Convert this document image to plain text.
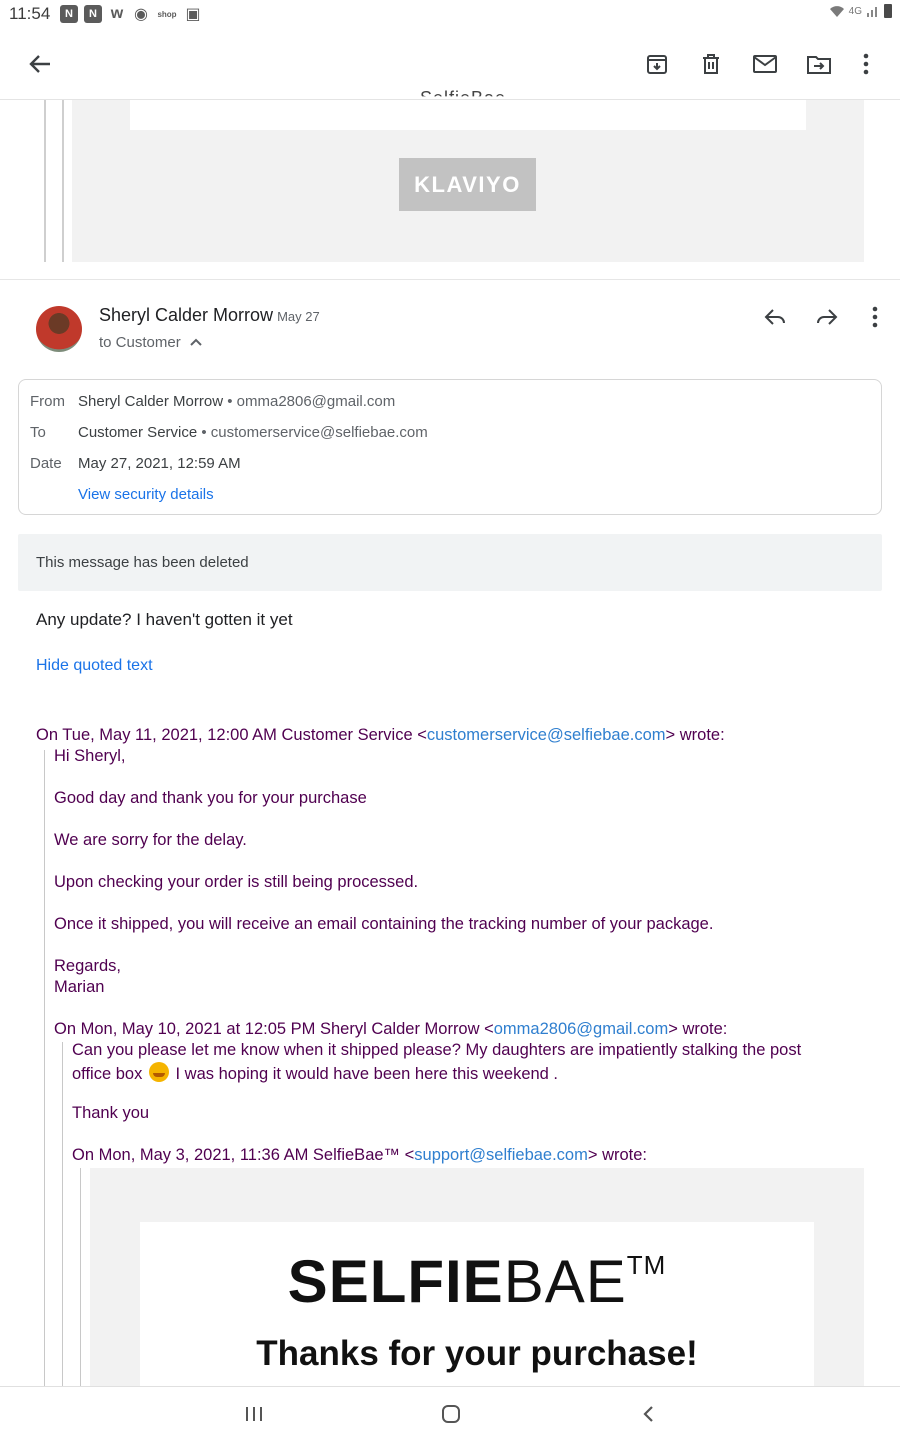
11:54	N	N w ◉ shop ▣	4G
KLAVIYO
Sheryl Calder Morrow May 27
to Customer
From Sheryl Calder Morrow • omma2806@gmail.com
To	Customer Service • customerservice@selfiebae.com
Date	May 27, 2021, 12:59 AM
View security details
This message has been deleted
Any update? I haven't gotten it yet
Hide quoted text
On Tue, May 11, 2021, 12:00 AM Customer Service <customerservice@selfiebae.com> wrote:
Hi Sheryl,
Good day and thank you for your purchase
We are sorry for the delay.
Upon checking your order is still being processed.
Once it shipped, you will receive an email containing the tracking number of your package.
Regards,
Marian
On Mon, May 10, 2021 at 12:05 PM Sheryl Calder Morrow <omma2806@gmail.com> wrote:
Can you please let me know when it shipped please? My daughters are impatiently stalking the post
office box I was hoping it would have been here this weekend .
Thank you
On Mon, May 3, 2021, 11:36 AM SelfieBae™ <support@selfiebae.com> wrote:
SELFIEBAE™
Thanks for your purchase!
